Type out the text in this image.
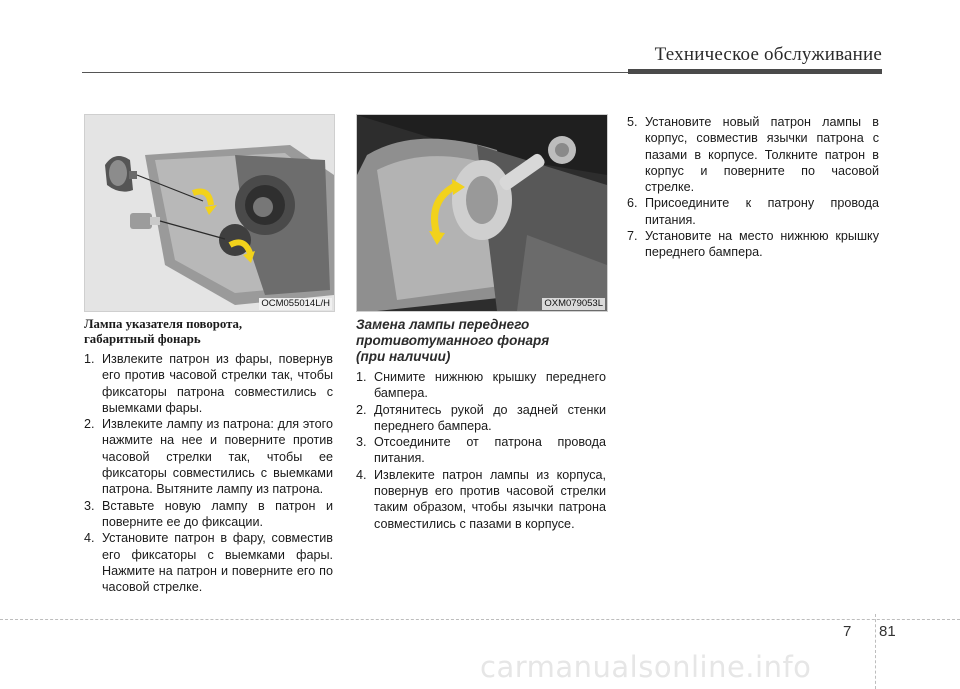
Техническое обслуживание
OCM055014L/H	OXM079053L
Лампа указателя поворота,
габаритный фонарь
1. Извлеките патрон из фары, повернув его против часовой стрелки так, чтобы фиксаторы патрона совместились с выемками фары.
2. Извлеките лампу из патрона: для этого нажмите на нее и поверните против часовой стрелки так, чтобы ее фиксаторы совместились с выемками патрона. Вытяните лампу из патрона.
3. Вставьте новую лампу в патрон и поверните ее до фиксации.
4. Установите патрон в фару, совместив его фиксаторы с выемками фары. Нажмите на патрон и поверните его по часовой стрелке.
Замена лампы переднего
противотуманного фонаря
(при наличии)
1. Снимите нижнюю крышку переднего бампера.
2. Дотянитесь рукой до задней стенки переднего бампера.
3. Отсоедините от патрона провода питания.
4. Извлеките патрон лампы из корпуса, повернув его против часовой стрелки таким образом, чтобы язычки патрона совместились с пазами в корпусе.
5. Установите новый патрон лампы в корпус, совместив язычки патрона с пазами в корпусе. Толкните патрон в корпус и поверните по часовой стрелке.
6. Присоедините к патрону провода питания.
7. Установите на место нижнюю крышку переднего бампера.
7 81
carmanualsonline.info
